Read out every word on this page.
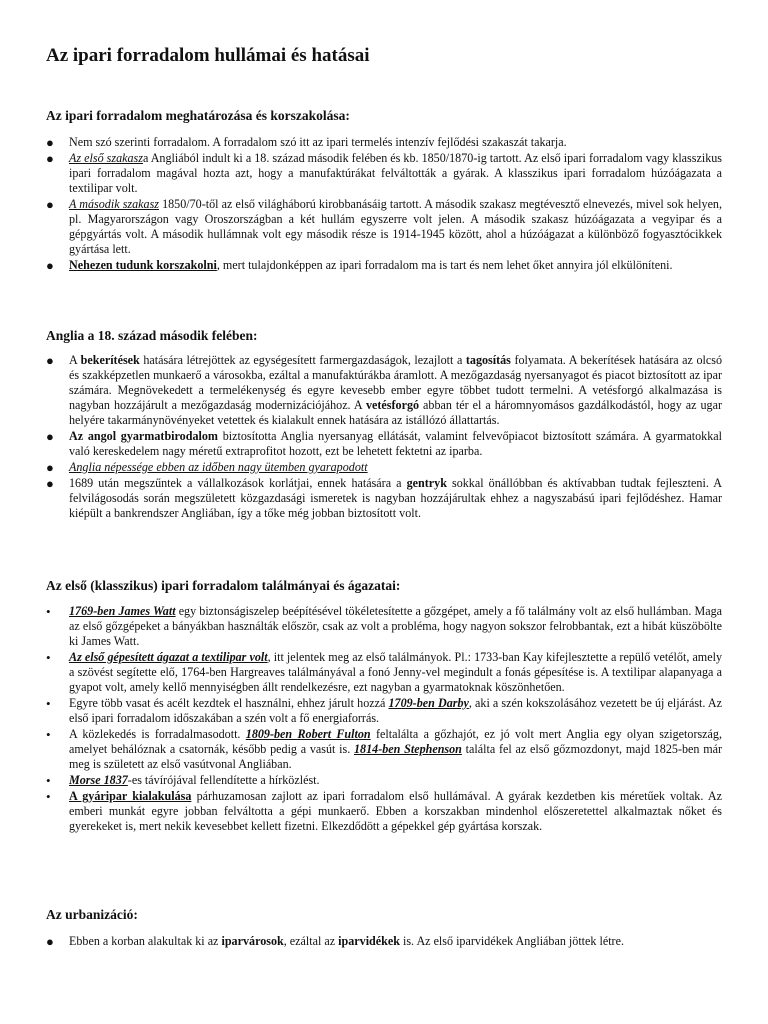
Az ipari forradalom hullámai és hatásai
Az ipari forradalom meghatározása és korszakolása:
● Nem szó szerinti forradalom. A forradalom szó itt az ipari termelés intenzív fejlődési szakaszát takarja.
● Az első szakasza Angliából indult ki a 18. század második felében és kb. 1850/1870-ig tartott. Az első ipari forradalom vagy klasszikus ipari forradalom magával hozta azt, hogy a manufaktúrákat felváltották a gyárak. A klasszikus ipari forradalom húzóágazata a textilipar volt.
● A második szakasz 1850/70-től az első világháború kirobbanásáig tartott. A második szakasz megtévesztő elnevezés, mivel sok helyen, pl. Magyarországon vagy Oroszországban a két hullám egyszerre volt jelen. A második szakasz húzóágazata a vegyipar és a gépgyártás volt. A második hullámnak volt egy második része is 1914-1945 között, ahol a húzóágazat a különböző fogyasztócikkek gyártása lett.
● Nehezen tudunk korszakolni, mert tulajdonképpen az ipari forradalom ma is tart és nem lehet őket annyira jól elkülöníteni.
Anglia a 18. század második felében:
● A bekerítések hatására létrejöttek az egységesített farmergazdaságok, lezajlott a tagosítás folyamata. A bekerítések hatására az olcsó és szakképzetlen munkaerő a városokba, ezáltal a manufaktúrákba áramlott. A mezőgazdaság nyersanyagot és piacot biztosított az ipar számára. Megnövekedett a termelékenység és egyre kevesebb ember egyre többet tudott termelni. A vetésforgó alkalmazása is nagyban hozzájárult a mezőgazdaság modernizációjához. A vetésforgó abban tér el a háromnyomásos gazdálkodástól, hogy az ugar helyére takarmánynövényeket vetettek és kialakult ennek hatására az istállózó állattartás.
● Az angol gyarmatbirodalom biztosította Anglia nyersanyag ellátását, valamint felvevőpiacot biztosított számára. A gyarmatokkal való kereskedelem nagy méretű extraprofitot hozott, ezt be lehetett fektetni az iparba.
● Anglia népessége ebben az időben nagy ütemben gyarapodott
● 1689 után megszűntek a vállalkozások korlátjai, ennek hatására a gentryk sokkal önállóbban és aktívabban tudtak fejleszteni. A felvilágosodás során megszületett közgazdasági ismeretek is nagyban hozzájárultak ehhez a nagyszabású ipari fejlődéshez. Hamar kiépült a bankrendszer Angliában, így a tőke még jobban biztosított volt.
Az első (klasszikus) ipari forradalom találmányai és ágazatai:
• 1769-ben James Watt egy biztonságiszelep beépítésével tökéletesítette a gőzgépet, amely a fő találmány volt az első hullámban. Maga az első gőzgépeket a bányákban használták először, csak az volt a probléma, hogy nagyon sokszor felrobbantak, ezt a hibát küszöbölte ki James Watt.
• Az első gépesített ágazat a textilipar volt, itt jelentek meg az első találmányok. Pl.: 1733-ban Kay kifejlesztette a repülő vetélőt, amely a szövést segítette elő, 1764-ben Hargreaves találmányával a fonó Jenny-vel megindult a fonás gépesítése is. A textilipar alapanyaga a gyapot volt, amely kellő mennyiségben állt rendelkezésre, ezt nagyban a gyarmatoknak köszönhetően.
• Egyre több vasat és acélt kezdtek el használni, ehhez járult hozzá 1709-ben Darby, aki a szén kokszolásához vezetett be új eljárást. Az első ipari forradalom időszakában a szén volt a fő energiaforrás.
• A közlekedés is forradalmasodott. 1809-ben Robert Fulton feltalálta a gőzhajót, ez jó volt mert Anglia egy olyan szigetország, amelyet behálóznak a csatornák, később pedig a vasút is. 1814-ben Stephenson találta fel az első gőzmozdonyt, majd 1825-ben már meg is született az első vasútvonal Angliában.
• Morse 1837-es távírójával fellendítette a hírközlést.
• A gyáripar kialakulása párhuzamosan zajlott az ipari forradalom első hullámával. A gyárak kezdetben kis méretűek voltak. Az emberi munkát egyre jobban felváltotta a gépi munkaerő. Ebben a korszakban mindenhol előszeretettel alkalmaztak nőket és gyerekeket is, mert nekik kevesebbet kellett fizetni. Elkezdődött a gépekkel gép gyártása korszak.
Az urbanizáció:
● Ebben a korban alakultak ki az iparvárosok, ezáltal az iparvidékek is. Az első iparvidékek Angliában jöttek létre.
